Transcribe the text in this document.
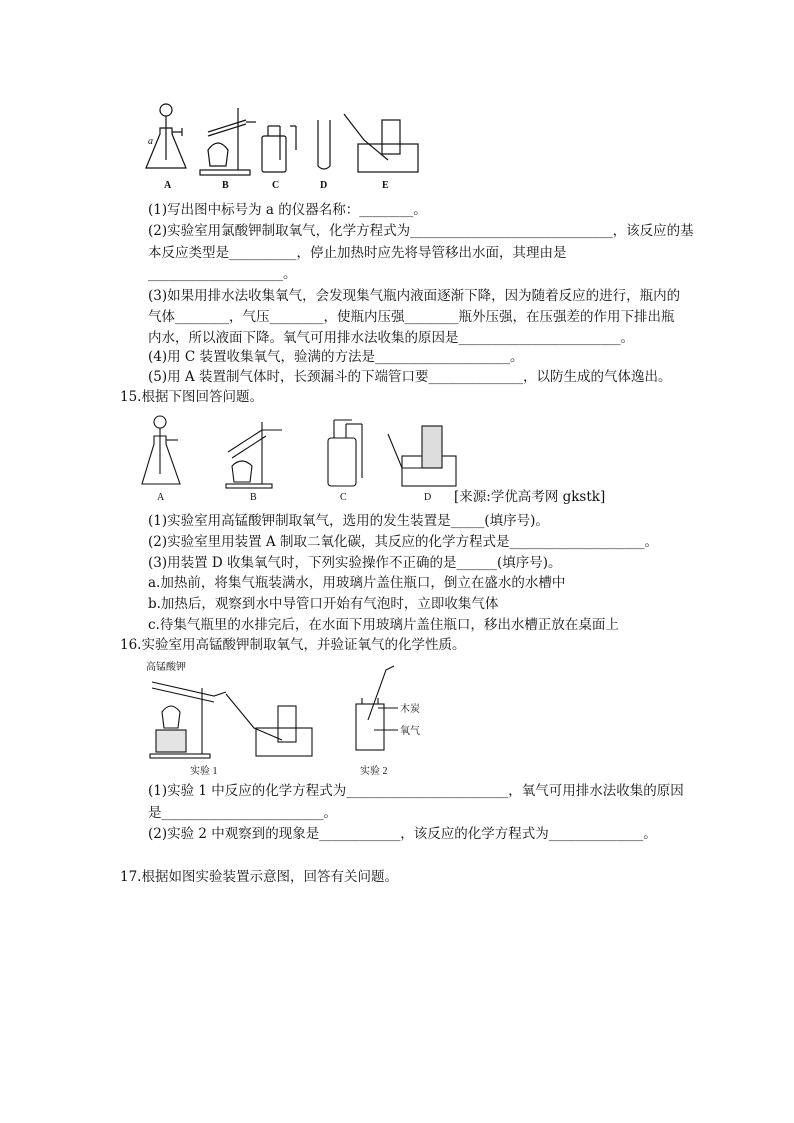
A	B	C	D	E
a
(1)写出图中标号为 a 的仪器名称：________。
(2)实验室用氯酸钾制取氧气，化学方程式为______________________________，该反应的基
本反应类型是__________，停止加热时应先将导管移出水面，其理由是
____________________。
(3)如果用排水法收集氧气，会发现集气瓶内液面逐渐下降，因为随着反应的进行，瓶内的
气体________，气压________，使瓶内压强________瓶外压强，在压强差的作用下排出瓶
内水，所以液面下降。氧气可用排水法收集的原因是________________________。
(4)用 C 装置收集氧气，验满的方法是____________________。
(5)用 A 装置制气体时，长颈漏斗的下端管口要______________，以防生成的气体逸出。
15.根据下图回答问题。
A	B	C	D [来源:学优高考网 gkstk]
(1)实验室用高锰酸钾制取氧气，选用的发生装置是_____(填序号)。
(2)实验室里用装置 A 制取二氧化碳，其反应的化学方程式是____________________。
(3)用装置 D 收集氧气时，下列实验操作不正确的是______(填序号)。
a.加热前，将集气瓶装满水，用玻璃片盖住瓶口，倒立在盛水的水槽中
b.加热后，观察到水中导管口开始有气泡时，立即收集气体
c.待集气瓶里的水排完后，在水面下用玻璃片盖住瓶口，移出水槽正放在桌面上
16.实验室用高锰酸钾制取氧气，并验证氧气的化学性质。
高锰酸钾
木炭
氧气
实验 1	实验 2
(1)实验 1 中反应的化学方程式为________________________，氧气可用排水法收集的原因
是________________________。
(2)实验 2 中观察到的现象是____________，该反应的化学方程式为______________。
17.根据如图实验装置示意图，回答有关问题。
